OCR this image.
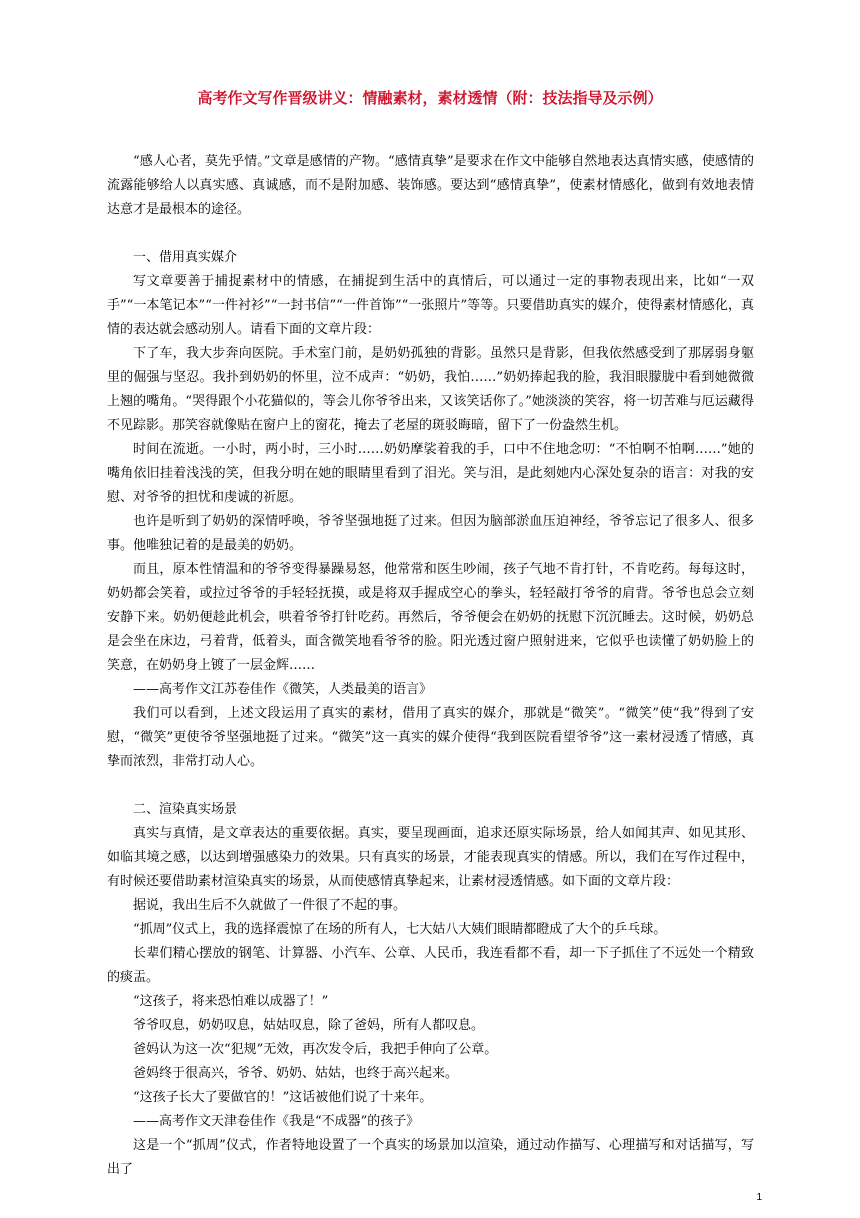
高考作文写作晋级讲义：情融素材，素材透情（附：技法指导及示例）

“感人心者，莫先乎情。”文章是感情的产物。“感情真挚”是要求在作文中能够自然地表达真情实感，使感情的流露能够给人以真实感、真诚感，而不是附加感、装饰感。要达到“感情真挚”，使素材情感化，做到有效地表情达意才是最根本的途径。

一、借用真实媒介

写文章要善于捕捉素材中的情感，在捕捉到生活中的真情后，可以通过一定的事物表现出来，比如“一双手”“一本笔记本”“一件衬衫”“一封书信”“一件首饰”“一张照片”等等。只要借助真实的媒介，使得素材情感化，真情的表达就会感动别人。请看下面的文章片段：

下了车，我大步奔向医院。手术室门前，是奶奶孤独的背影。虽然只是背影，但我依然感受到了那孱弱身躯里的倔强与坚忍。我扑到奶奶的怀里，泣不成声：“奶奶，我怕……”奶奶捧起我的脸，我泪眼朦胧中看到她微微上翘的嘴角。“哭得跟个小花猫似的，等会儿你爷爷出来，又该笑话你了。”她淡淡的笑容，将一切苦难与厄运藏得不见踪影。那笑容就像贴在窗户上的窗花，掩去了老屋的斑驳晦暗，留下了一份盎然生机。

时间在流逝。一小时，两小时，三小时……奶奶摩裟着我的手，口中不住地念叨：“不怕啊不怕啊……”她的嘴角依旧挂着浅浅的笑，但我分明在她的眼睛里看到了泪光。笑与泪，是此刻她内心深处复杂的语言：对我的安慰、对爷爷的担忧和虔诚的祈愿。

也许是听到了奶奶的深情呼唤，爷爷坚强地挺了过来。但因为脑部淤血压迫神经，爷爷忘记了很多人、很多事。他唯独记着的是最美的奶奶。

而且，原本性情温和的爷爷变得暴躁易怒，他常常和医生吵闹，孩子气地不肯打针，不肯吃药。每每这时，奶奶都会笑着，或拉过爷爷的手轻轻抚摸，或是将双手握成空心的拳头，轻轻敲打爷爷的肩背。爷爷也总会立刻安静下来。奶奶便趁此机会，哄着爷爷打针吃药。再然后，爷爷便会在奶奶的抚慰下沉沉睡去。这时候，奶奶总是会坐在床边，弓着背，低着头，面含微笑地看爷爷的脸。阳光透过窗户照射进来，它似乎也读懂了奶奶脸上的笑意，在奶奶身上镀了一层金辉……

——高考作文江苏卷佳作《微笑，人类最美的语言》

我们可以看到，上述文段运用了真实的素材，借用了真实的媒介，那就是“微笑”。“微笑”使“我”得到了安慰，“微笑”更使爷爷坚强地挺了过来。“微笑”这一真实的媒介使得“我到医院看望爷爷”这一素材浸透了情感，真挚而浓烈，非常打动人心。

二、渲染真实场景

真实与真情，是文章表达的重要依据。真实，要呈现画面，追求还原实际场景，给人如闻其声、如见其形、如临其境之感，以达到增强感染力的效果。只有真实的场景，才能表现真实的情感。所以，我们在写作过程中，有时候还要借助素材渲染真实的场景，从而使感情真挚起来，让素材浸透情感。如下面的文章片段：

据说，我出生后不久就做了一件很了不起的事。

“抓周”仪式上，我的选择震惊了在场的所有人，七大姑八大姨们眼睛都瞪成了大个的乒乓球。

长辈们精心摆放的钢笔、计算器、小汽车、公章、人民币，我连看都不看，却一下子抓住了不远处一个精致的痰盂。

“这孩子，将来恐怕难以成器了！”

爷爷叹息，奶奶叹息，姑姑叹息，除了爸妈，所有人都叹息。

爸妈认为这一次“犯规”无效，再次发令后，我把手伸向了公章。

爸妈终于很高兴，爷爷、奶奶、姑姑，也终于高兴起来。

“这孩子长大了要做官的！”这话被他们说了十来年。

——高考作文天津卷佳作《我是“不成器”的孩子》

这是一个“抓周”仪式，作者特地设置了一个真实的场景加以渲染，通过动作描写、心理描写和对话描写，写出了

1
